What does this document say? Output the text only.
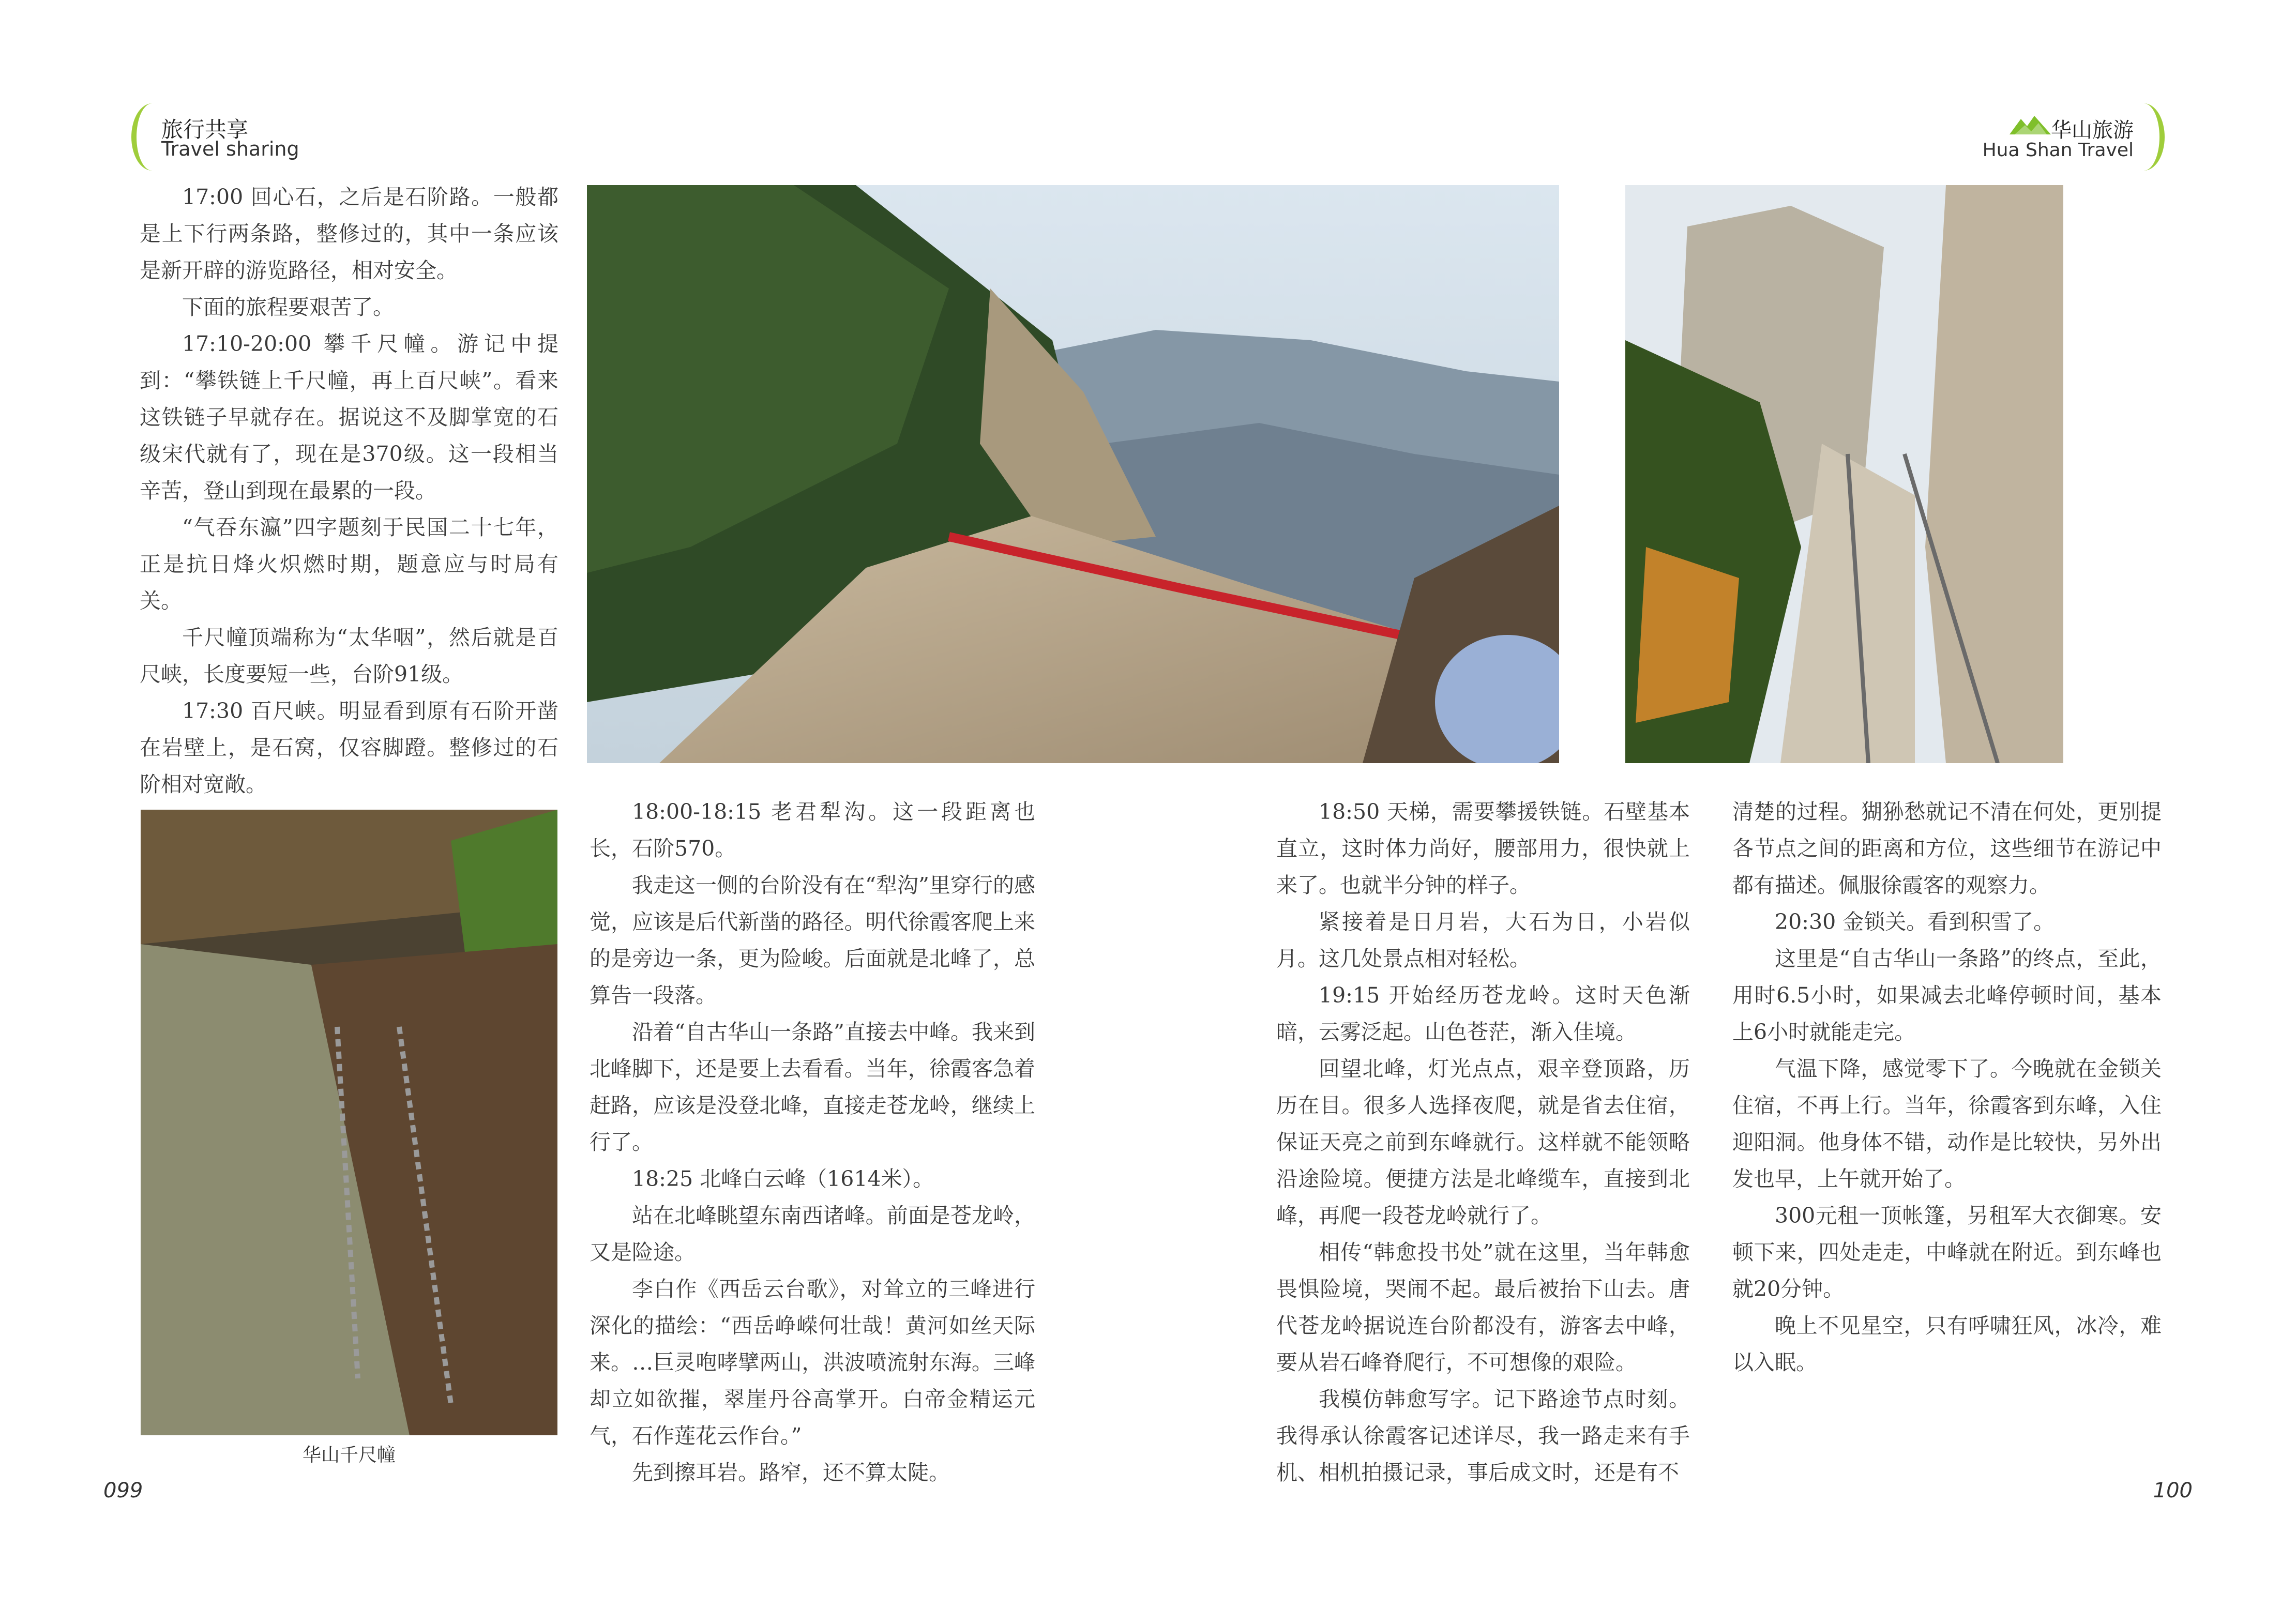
旅行共享
Travel sharing
华山旅游
Hua Shan Travel

17:00 回心石，之后是石阶路。一般都是上下行两条路，整修过的，其中一条应该是新开辟的游览路径，相对安全。

下面的旅程要艰苦了。

17:10-20:00 攀千尺幢。游记中提到：“攀铁链上千尺幢，再上百尺峡”。看来这铁链子早就存在。据说这不及脚掌宽的石级宋代就有了，现在是370级。这一段相当辛苦，登山到现在最累的一段。

“气吞东瀛”四字题刻于民国二十七年，正是抗日烽火炽燃时期，题意应与时局有关。

千尺幢顶端称为“太华咽”，然后就是百尺峡，长度要短一些，台阶91级。

17:30 百尺峡。明显看到原有石阶开凿在岩壁上，是石窝，仅容脚蹬。整修过的石阶相对宽敞。

华山千尺幢

18:00-18:15 老君犁沟。这一段距离也长，石阶570。

我走这一侧的台阶没有在“犁沟”里穿行的感觉，应该是后代新凿的路径。明代徐霞客爬上来的是旁边一条，更为险峻。后面就是北峰了，总算告一段落。

沿着“自古华山一条路”直接去中峰。我来到北峰脚下，还是要上去看看。当年，徐霞客急着赶路，应该是没登北峰，直接走苍龙岭，继续上行了。

18:25 北峰白云峰（1614米）。

站在北峰眺望东南西诸峰。前面是苍龙岭，又是险途。

李白作《西岳云台歌》，对耸立的三峰进行深化的描绘：“西岳峥嵘何壮哉！黄河如丝天际来。…巨灵咆哮擘两山，洪波喷流射东海。三峰却立如欲摧，翠崖丹谷高掌开。白帝金精运元气，石作莲花云作台。”

先到擦耳岩。路窄，还不算太陡。

18:50 天梯，需要攀援铁链。石壁基本直立，这时体力尚好，腰部用力，很快就上来了。也就半分钟的样子。

紧接着是日月岩，大石为日，小岩似月。这几处景点相对轻松。

19:15 开始经历苍龙岭。这时天色渐暗，云雾泛起。山色苍茫，渐入佳境。

回望北峰，灯光点点，艰辛登顶路，历历在目。很多人选择夜爬，就是省去住宿，保证天亮之前到东峰就行。这样就不能领略沿途险境。便捷方法是北峰缆车，直接到北峰，再爬一段苍龙岭就行了。

相传“韩愈投书处”就在这里，当年韩愈畏惧险境，哭闹不起。最后被抬下山去。唐代苍龙岭据说连台阶都没有，游客去中峰，要从岩石峰脊爬行，不可想像的艰险。

我模仿韩愈写字。记下路途节点时刻。我得承认徐霞客记述详尽，我一路走来有手机、相机拍摄记录，事后成文时，还是有不

清楚的过程。猢狲愁就记不清在何处，更别提各节点之间的距离和方位，这些细节在游记中都有描述。佩服徐霞客的观察力。

20:30 金锁关。看到积雪了。

这里是“自古华山一条路”的终点，至此，用时6.5小时，如果减去北峰停顿时间，基本上6小时就能走完。

气温下降，感觉零下了。今晚就在金锁关住宿，不再上行。当年，徐霞客到东峰，入住迎阳洞。他身体不错，动作是比较快，另外出发也早，上午就开始了。

300元租一顶帐篷，另租军大衣御寒。安顿下来，四处走走，中峰就在附近。到东峰也就20分钟。

晚上不见星空，只有呼啸狂风，冰冷，难以入眠。

099	100
